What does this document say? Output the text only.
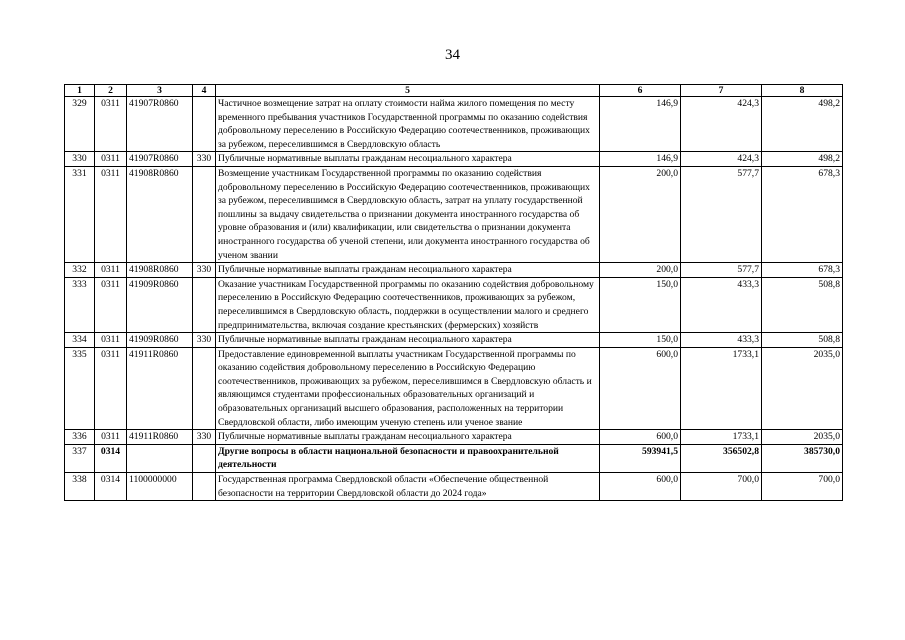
34
1	2	3	4	5	6	7	8
329	0311	41907R0860		Частичное возмещение затрат на оплату стоимости найма жилого помещения по месту временного пребывания участников Государственной программы по оказанию содействия добровольному переселению в Российскую Федерацию соотечественников, проживающих за рубежом, переселившимся в Свердловскую область	146,9	424,3	498,2
330	0311	41907R0860	330	Публичные нормативные выплаты гражданам несоциального характера	146,9	424,3	498,2
331	0311	41908R0860		Возмещение участникам Государственной программы по оказанию содействия добровольному переселению в Российскую Федерацию соотечественников, проживающих за рубежом, переселившимся в Свердловскую область, затрат на уплату государственной пошлины за выдачу свидетельства о признании документа иностранного государства об уровне образования и (или) квалификации, или свидетельства о признании документа иностранного государства об ученой степени, или документа иностранного государства об ученом звании	200,0	577,7	678,3
332	0311	41908R0860	330	Публичные нормативные выплаты гражданам несоциального характера	200,0	577,7	678,3
333	0311	41909R0860		Оказание участникам Государственной программы по оказанию содействия добровольному переселению в Российскую Федерацию соотечественников, проживающих за рубежом, переселившимся в Свердловскую область, поддержки в осуществлении малого и среднего предпринимательства, включая создание крестьянских (фермерских) хозяйств	150,0	433,3	508,8
334	0311	41909R0860	330	Публичные нормативные выплаты гражданам несоциального характера	150,0	433,3	508,8
335	0311	41911R0860		Предоставление единовременной выплаты участникам Государственной программы по оказанию содействия добровольному переселению в Российскую Федерацию соотечественников, проживающих за рубежом, переселившимся в Свердловскую область и являющимся студентами профессиональных образовательных организаций и образовательных организаций высшего образования, расположенных на территории Свердловской области, либо имеющим ученую степень или ученое звание	600,0	1733,1	2035,0
336	0311	41911R0860	330	Публичные нормативные выплаты гражданам несоциального характера	600,0	1733,1	2035,0
337	0314			Другие вопросы в области национальной безопасности и правоохранительной деятельности	593941,5	356502,8	385730,0
338	0314	1100000000		Государственная программа Свердловской области «Обеспечение общественной безопасности на территории Свердловской области до 2024 года»	600,0	700,0	700,0
